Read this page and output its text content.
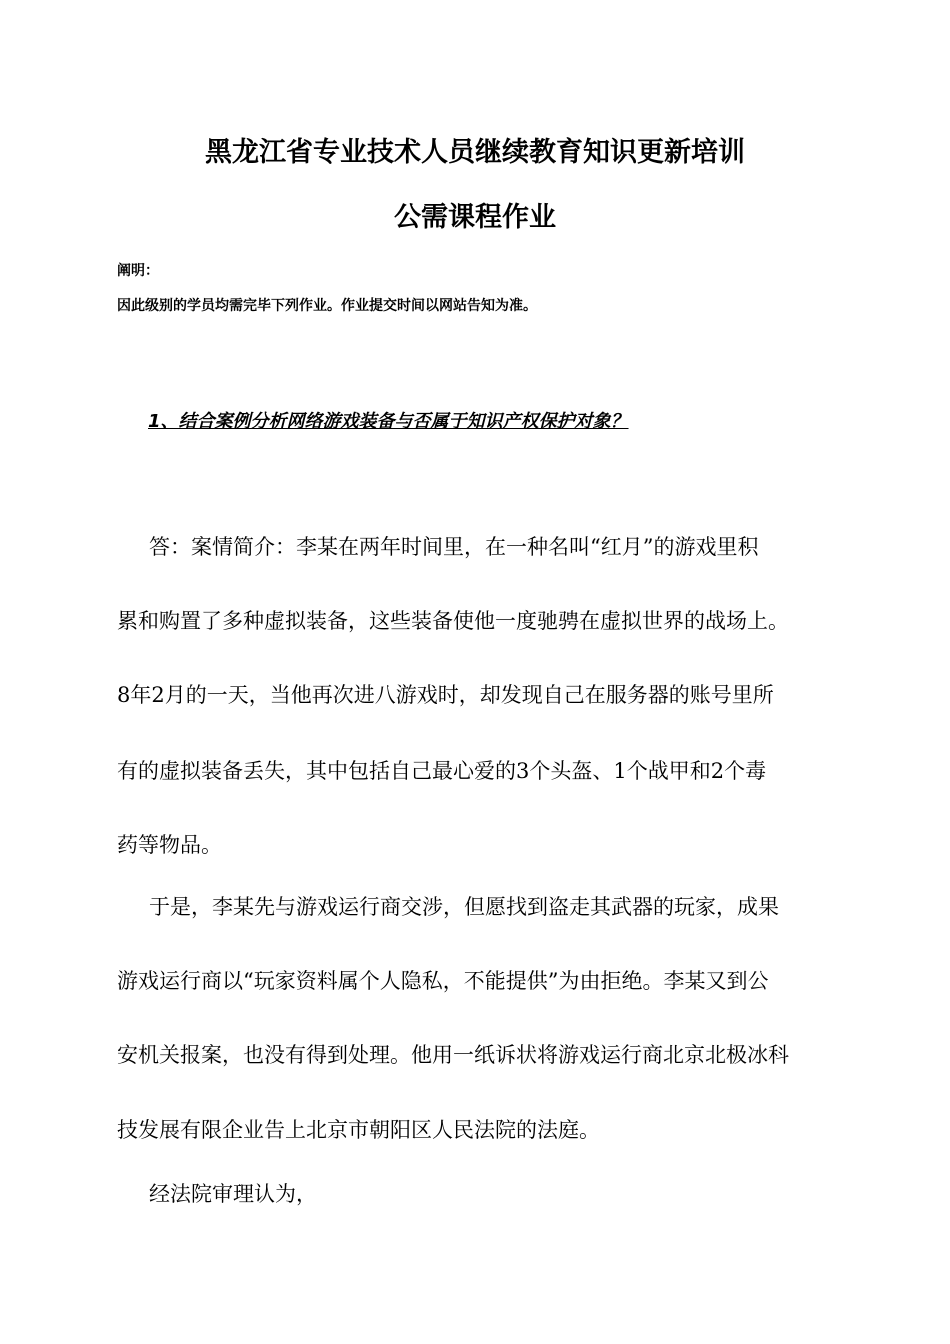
黑龙江省专业技术人员继续教育知识更新培训
公需课程作业
阐明：
因此级别的学员均需完毕下列作业。作业提交时间以网站告知为准。
1、结合案例分析网络游戏装备与否属于知识产权保护对象？
答：案情简介：李某在两年时间里，在一种名叫“红月”的游戏里积
累和购置了多种虚拟装备，这些装备使他一度驰骋在虚拟世界的战场上。
8年2月的一天，当他再次进八游戏时，却发现自己在服务器的账号里所
有的虚拟装备丢失，其中包括自己最心爱的3个头盔、1个战甲和2个毒
药等物品。
于是，李某先与游戏运行商交涉，但愿找到盗走其武器的玩家，成果
游戏运行商以“玩家资料属个人隐私，不能提供”为由拒绝。李某又到公
安机关报案，也没有得到处理。他用一纸诉状将游戏运行商北京北极冰科
技发展有限企业告上北京市朝阳区人民法院的法庭。
经法院审理认为，
